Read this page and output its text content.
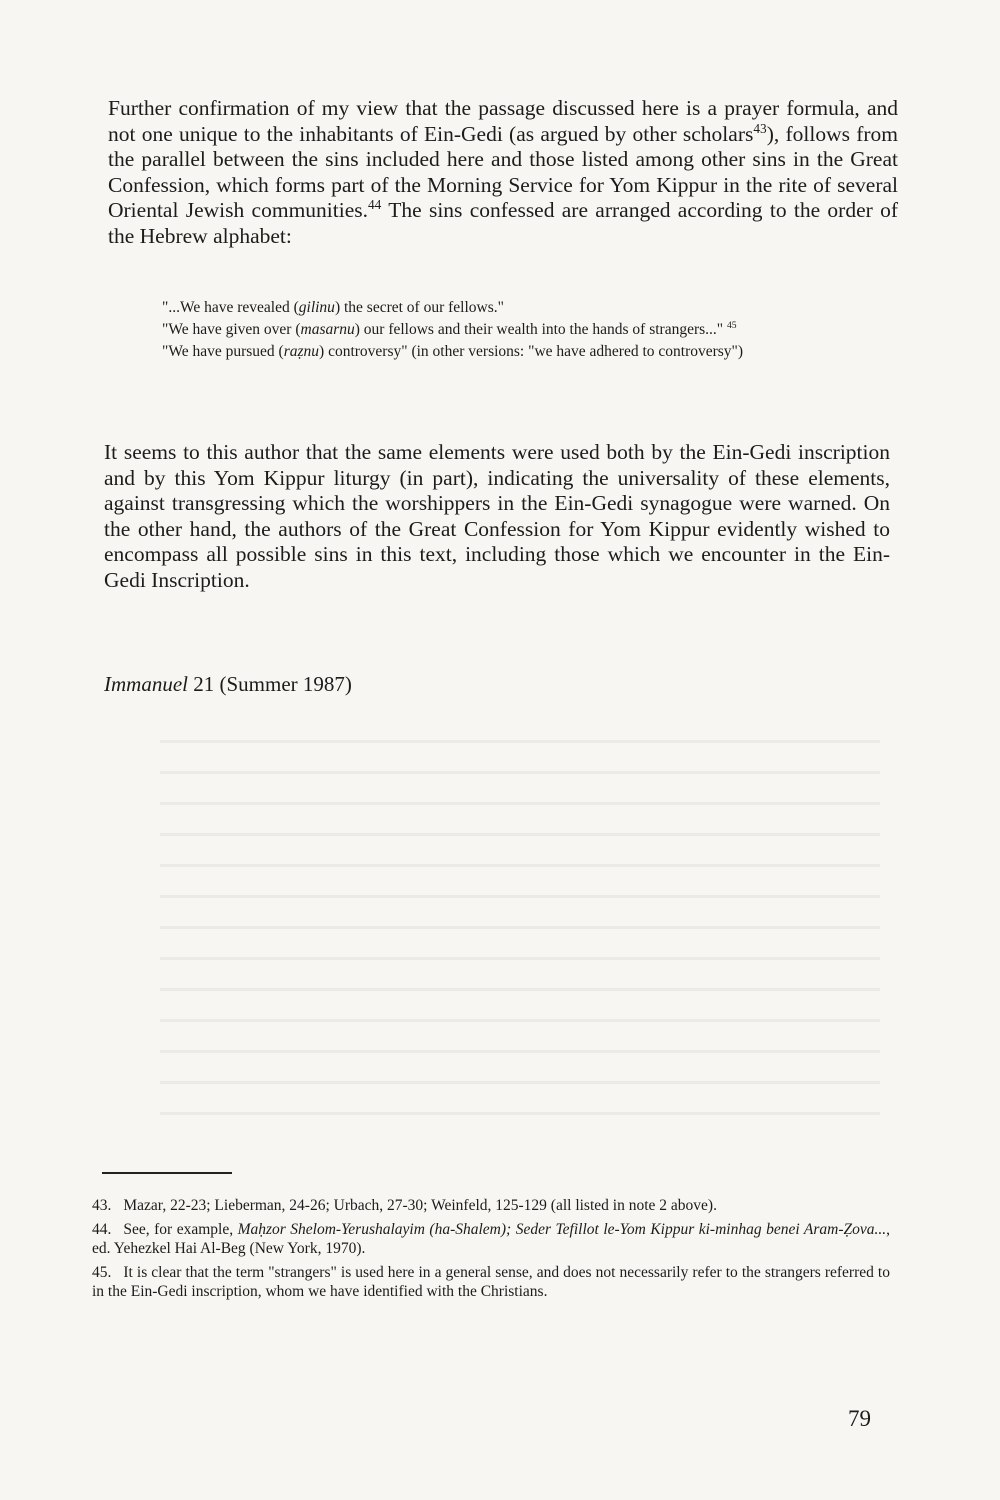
Further confirmation of my view that the passage discussed here is a prayer formula, and not one unique to the inhabitants of Ein-Gedi (as argued by other scholars$^{43}$), follows from the parallel between the sins included here and those listed among other sins in the Great Confession, which forms part of the Morning Service for Yom Kippur in the rite of several Oriental Jewish communities.$^{44}$ The sins confessed are arranged according to the order of the Hebrew alphabet:

"...We have revealed (gilinu) the secret of our fellows."

"We have given over (masarnu) our fellows and their wealth into the hands of strangers..." $^{45}$

"We have pursued (raẓnu) controversy" (in other versions: "we have adhered to controversy")

It seems to this author that the same elements were used both by the Ein-Gedi inscription and by this Yom Kippur liturgy (in part), indicating the universality of these elements, against transgressing which the worshippers in the Ein-Gedi synagogue were warned. On the other hand, the authors of the Great Confession for Yom Kippur evidently wished to encompass all possible sins in this text, including those which we encounter in the Ein-Gedi Inscription.

Immanuel 21 (Summer 1987)

43. Mazar, 22-23; Lieberman, 24-26; Urbach, 27-30; Weinfeld, 125-129 (all listed in note 2 above).

44. See, for example, Maḥzor Shelom-Yerushalayim (ha-Shalem); Seder Tefillot le-Yom Kippur ki-minhag benei Aram-Ẓova..., ed. Yehezkel Hai Al-Beg (New York, 1970).

45. It is clear that the term "strangers" is used here in a general sense, and does not necessarily refer to the strangers referred to in the Ein-Gedi inscription, whom we have identified with the Christians.

79
